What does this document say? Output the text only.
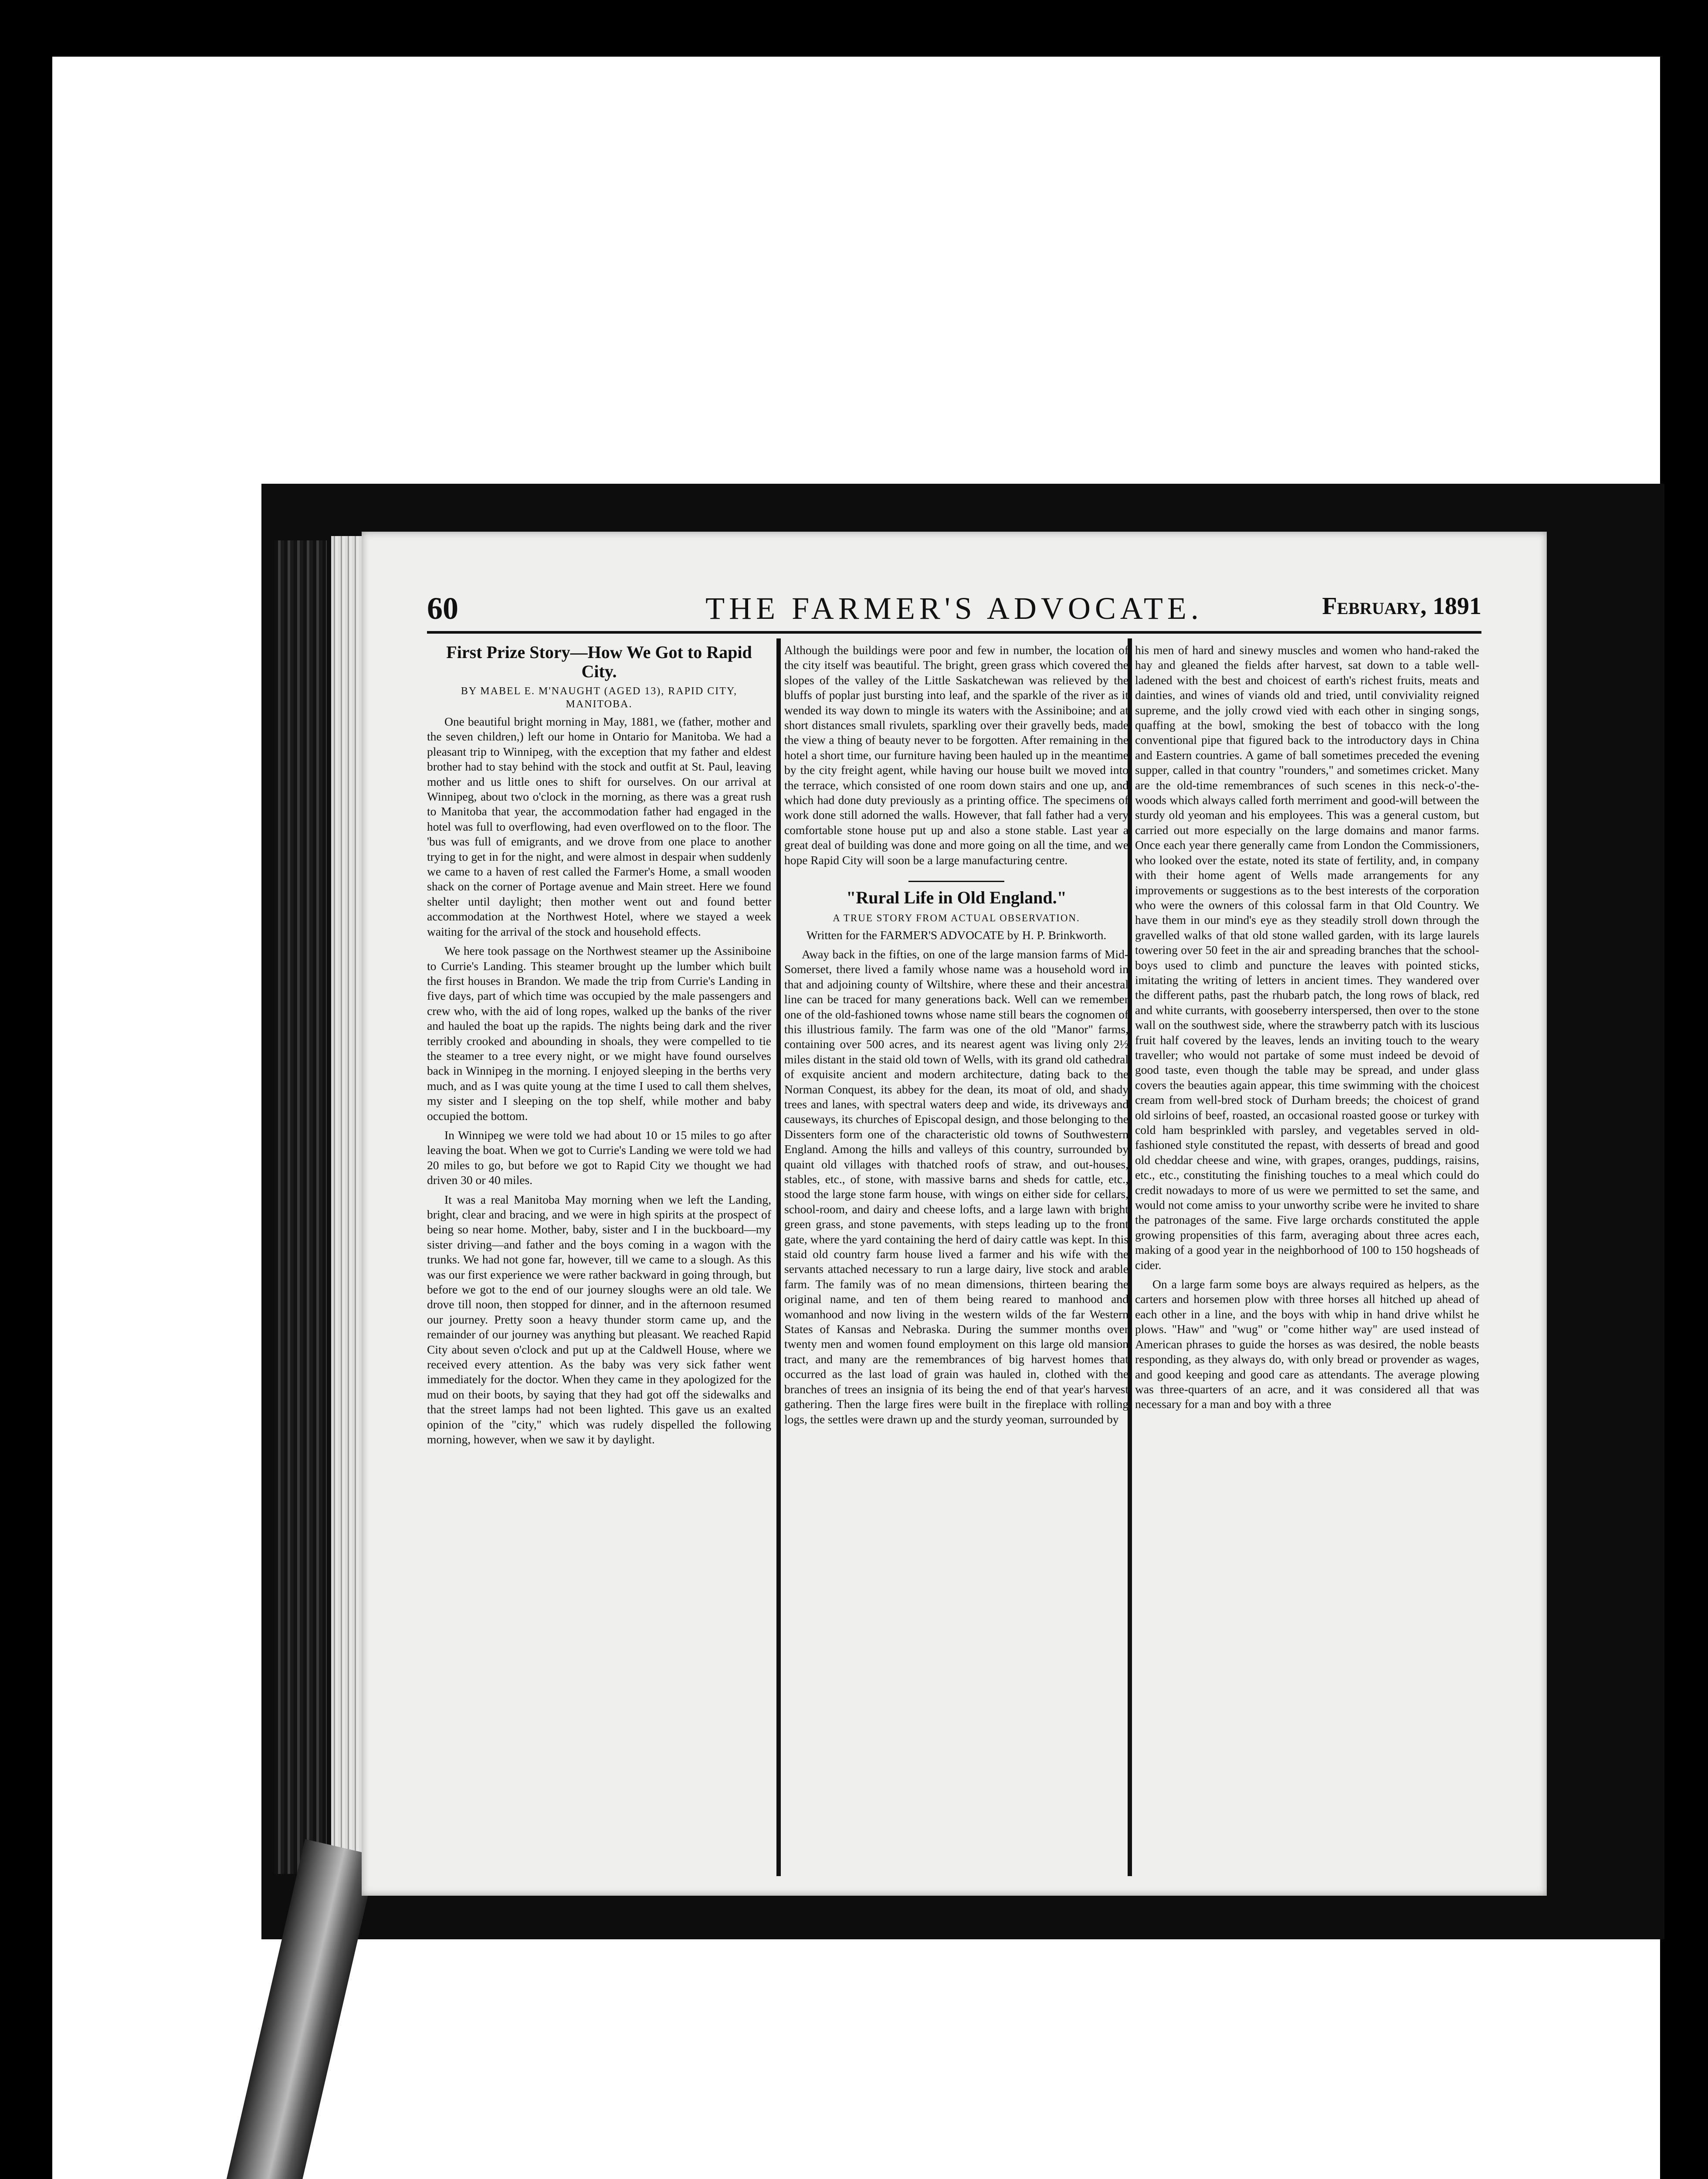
60	THE FARMER'S ADVOCATE.	February, 1891

First Prize Story—How We Got to Rapid City.

BY MABEL E. M'NAUGHT (AGED 13), RAPID CITY, MANITOBA.

One beautiful bright morning in May, 1881, we (father, mother and the seven children,) left our home in Ontario for Manitoba. We had a pleasant trip to Winnipeg, with the exception that my father and eldest brother had to stay behind with the stock and outfit at St. Paul, leaving mother and us little ones to shift for ourselves. On our arrival at Winnipeg, about two o'clock in the morning, as there was a great rush to Manitoba that year, the accommodation father had engaged in the hotel was full to overflowing, had even overflowed on to the floor. The 'bus was full of emigrants, and we drove from one place to another trying to get in for the night, and were almost in despair when suddenly we came to a haven of rest called the Farmer's Home, a small wooden shack on the corner of Portage avenue and Main street. Here we found shelter until daylight; then mother went out and found better accommodation at the Northwest Hotel, where we stayed a week waiting for the arrival of the stock and household effects.

We here took passage on the Northwest steamer up the Assiniboine to Currie's Landing. This steamer brought up the lumber which built the first houses in Brandon. We made the trip from Currie's Landing in five days, part of which time was occupied by the male passengers and crew who, with the aid of long ropes, walked up the banks of the river and hauled the boat up the rapids. The nights being dark and the river terribly crooked and abounding in shoals, they were compelled to tie the steamer to a tree every night, or we might have found ourselves back in Winnipeg in the morning. I enjoyed sleeping in the berths very much, and as I was quite young at the time I used to call them shelves, my sister and I sleeping on the top shelf, while mother and baby occupied the bottom.

In Winnipeg we were told we had about 10 or 15 miles to go after leaving the boat. When we got to Currie's Landing we were told we had 20 miles to go, but before we got to Rapid City we thought we had driven 30 or 40 miles.

It was a real Manitoba May morning when we left the Landing, bright, clear and bracing, and we were in high spirits at the prospect of being so near home. Mother, baby, sister and I in the buckboard—my sister driving—and father and the boys coming in a wagon with the trunks. We had not gone far, however, till we came to a slough. As this was our first experience we were rather backward in going through, but before we got to the end of our journey sloughs were an old tale. We drove till noon, then stopped for dinner, and in the afternoon resumed our journey. Pretty soon a heavy thunder storm came up, and the remainder of our journey was anything but pleasant. We reached Rapid City about seven o'clock and put up at the Caldwell House, where we received every attention. As the baby was very sick father went immediately for the doctor. When they came in they apologized for the mud on their boots, by saying that they had got off the sidewalks and that the street lamps had not been lighted. This gave us an exalted opinion of the "city," which was rudely dispelled the following morning, however, when we saw it by daylight.

Although the buildings were poor and few in number, the location of the city itself was beautiful. The bright, green grass which covered the slopes of the valley of the Little Saskatchewan was relieved by the bluffs of poplar just bursting into leaf, and the sparkle of the river as it wended its way down to mingle its waters with the Assiniboine; and at short distances small rivulets, sparkling over their gravelly beds, made the view a thing of beauty never to be forgotten. After remaining in the hotel a short time, our furniture having been hauled up in the meantime by the city freight agent, while having our house built we moved into the terrace, which consisted of one room down stairs and one up, and which had done duty previously as a printing office. The specimens of work done still adorned the walls. However, that fall father had a very comfortable stone house put up and also a stone stable. Last year a great deal of building was done and more going on all the time, and we hope Rapid City will soon be a large manufacturing centre.

"Rural Life in Old England."

A TRUE STORY FROM ACTUAL OBSERVATION.

Written for the FARMER'S ADVOCATE by H. P. Brinkworth.

Away back in the fifties, on one of the large mansion farms of Mid-Somerset, there lived a family whose name was a household word in that and adjoining county of Wiltshire, where these and their ancestral line can be traced for many generations back. Well can we remember one of the old-fashioned towns whose name still bears the cognomen of this illustrious family. The farm was one of the old "Manor" farms, containing over 500 acres, and its nearest agent was living only 2½ miles distant in the staid old town of Wells, with its grand old cathedral of exquisite ancient and modern architecture, dating back to the Norman Conquest, its abbey for the dean, its moat of old, and shady trees and lanes, with spectral waters deep and wide, its driveways and causeways, its churches of Episcopal design, and those belonging to the Dissenters form one of the characteristic old towns of Southwestern England. Among the hills and valleys of this country, surrounded by quaint old villages with thatched roofs of straw, and out-houses, stables, etc., of stone, with massive barns and sheds for cattle, etc., stood the large stone farm house, with wings on either side for cellars, school-room, and dairy and cheese lofts, and a large lawn with bright green grass, and stone pavements, with steps leading up to the front gate, where the yard containing the herd of dairy cattle was kept. In this staid old country farm house lived a farmer and his wife with the servants attached necessary to run a large dairy, live stock and arable farm. The family was of no mean dimensions, thirteen bearing the original name, and ten of them being reared to manhood and womanhood and now living in the western wilds of the far Western States of Kansas and Nebraska. During the summer months over twenty men and women found employment on this large old mansion tract, and many are the remembrances of big harvest homes that occurred as the last load of grain was hauled in, clothed with the branches of trees an insignia of its being the end of that year's harvest gathering. Then the large fires were built in the fireplace with rolling logs, the settles were drawn up and the sturdy yeoman, surrounded by

his men of hard and sinewy muscles and women who hand-raked the hay and gleaned the fields after harvest, sat down to a table well-ladened with the best and choicest of earth's richest fruits, meats and dainties, and wines of viands old and tried, until conviviality reigned supreme, and the jolly crowd vied with each other in singing songs, quaffing at the bowl, smoking the best of tobacco with the long conventional pipe that figured back to the introductory days in China and Eastern countries. A game of ball sometimes preceded the evening supper, called in that country "rounders," and sometimes cricket. Many are the old-time remembrances of such scenes in this neck-o'-the-woods which always called forth merriment and good-will between the sturdy old yeoman and his employees. This was a general custom, but carried out more especially on the large domains and manor farms. Once each year there generally came from London the Commissioners, who looked over the estate, noted its state of fertility, and, in company with their home agent of Wells made arrangements for any improvements or suggestions as to the best interests of the corporation who were the owners of this colossal farm in that Old Country. We have them in our mind's eye as they steadily stroll down through the gravelled walks of that old stone walled garden, with its large laurels towering over 50 feet in the air and spreading branches that the school-boys used to climb and puncture the leaves with pointed sticks, imitating the writing of letters in ancient times. They wandered over the different paths, past the rhubarb patch, the long rows of black, red and white currants, with gooseberry interspersed, then over to the stone wall on the southwest side, where the strawberry patch with its luscious fruit half covered by the leaves, lends an inviting touch to the weary traveller; who would not partake of some must indeed be devoid of good taste, even though the table may be spread, and under glass covers the beauties again appear, this time swimming with the choicest cream from well-bred stock of Durham breeds; the choicest of grand old sirloins of beef, roasted, an occasional roasted goose or turkey with cold ham besprinkled with parsley, and vegetables served in old-fashioned style constituted the repast, with desserts of bread and good old cheddar cheese and wine, with grapes, oranges, puddings, raisins, etc., etc., constituting the finishing touches to a meal which could do credit nowadays to more of us were we permitted to set the same, and would not come amiss to your unworthy scribe were he invited to share the patronages of the same. Five large orchards constituted the apple growing propensities of this farm, averaging about three acres each, making of a good year in the neighborhood of 100 to 150 hogsheads of cider.

On a large farm some boys are always required as helpers, as the carters and horsemen plow with three horses all hitched up ahead of each other in a line, and the boys with whip in hand drive whilst he plows. "Haw" and "wug" or "come hither way" are used instead of American phrases to guide the horses as was desired, the noble beasts responding, as they always do, with only bread or provender as wages, and good keeping and good care as attendants. The average plowing was three-quarters of an acre, and it was considered all that was necessary for a man and boy with a three
